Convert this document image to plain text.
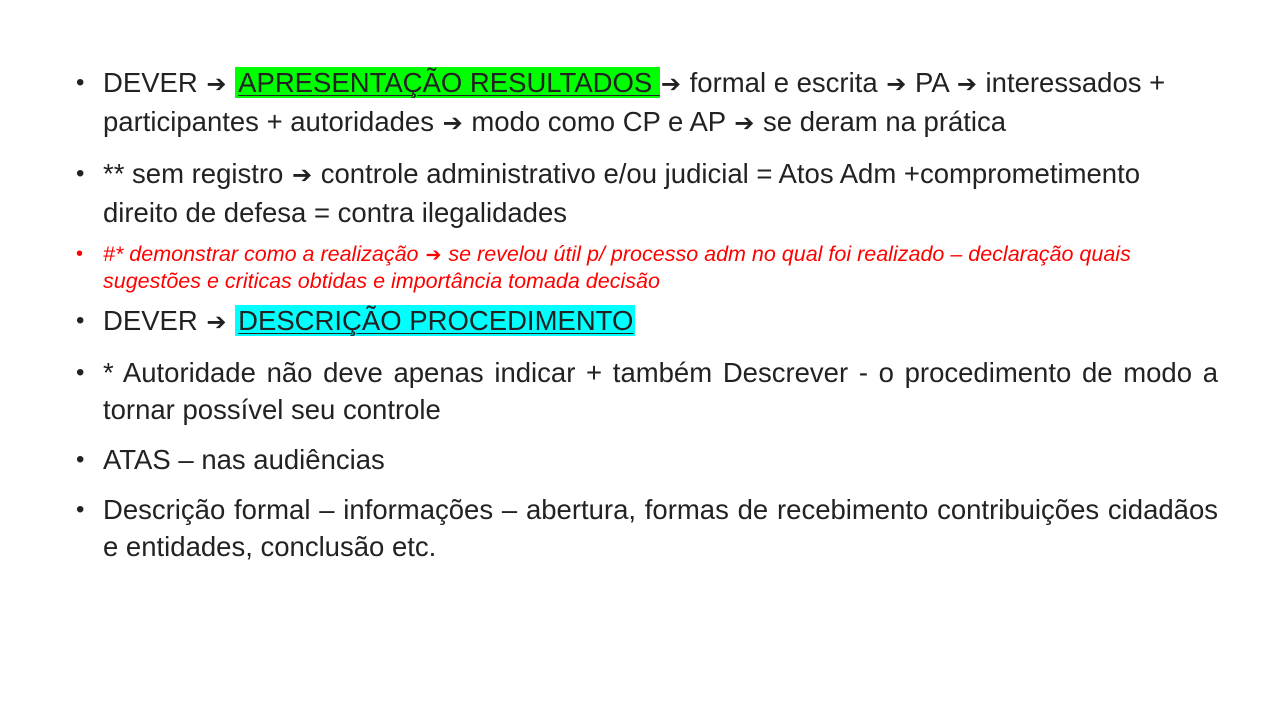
• DEVER ➔ APRESENTAÇÃO RESULTADOS ➔ formal e escrita ➔ PA ➔ interessados + participantes + autoridades ➔ modo como CP e AP ➔ se deram na prática
• ** sem registro ➔ controle administrativo e/ou judicial = Atos Adm +comprometimento direito de defesa = contra ilegalidades
• #* demonstrar como a realização ➔ se revelou útil p/ processo adm no qual foi realizado – declaração quais sugestões e criticas obtidas e importância tomada decisão
• DEVER ➔ DESCRIÇÃO PROCEDIMENTO
• * Autoridade não deve apenas indicar + também Descrever - o procedimento de modo a tornar possível seu controle
• ATAS – nas audiências
• Descrição formal – informações – abertura, formas de recebimento contribuições cidadãos e entidades, conclusão etc.
